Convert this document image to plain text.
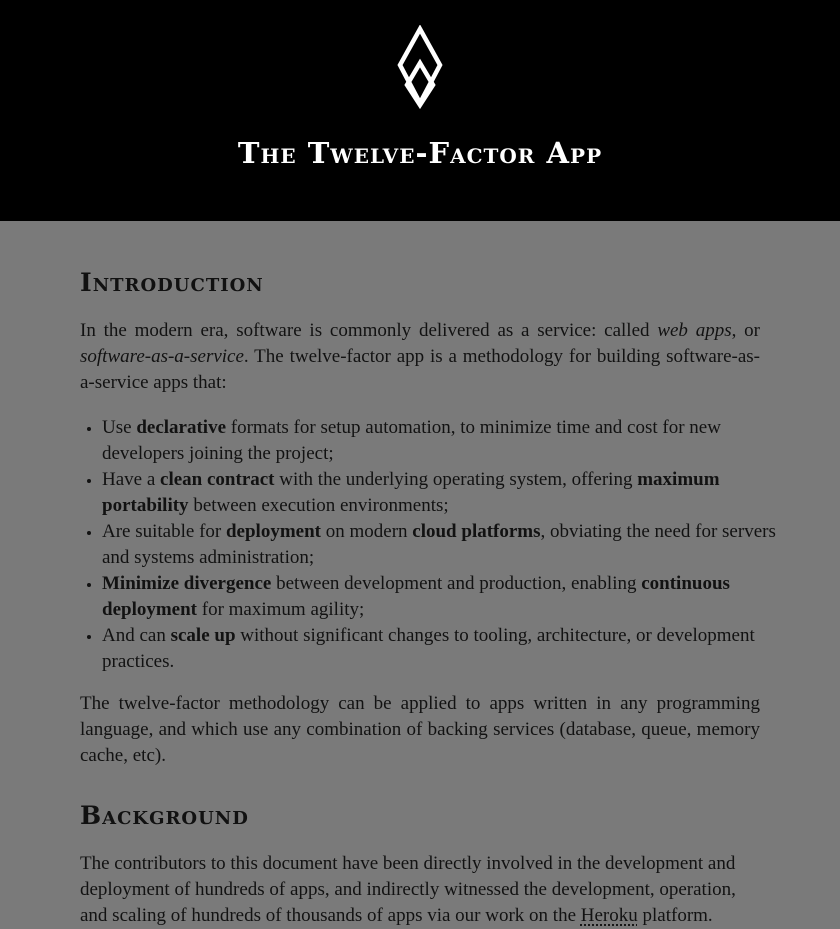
The Twelve-Factor App
Introduction

In the modern era, software is commonly delivered as a service: called web apps, or software-as-a-service. The twelve-factor app is a methodology for building software-as-a-service apps that:

• Use declarative formats for setup automation, to minimize time and cost for new developers joining the project;
• Have a clean contract with the underlying operating system, offering maximum portability between execution environments;
• Are suitable for deployment on modern cloud platforms, obviating the need for servers and systems administration;
• Minimize divergence between development and production, enabling continuous deployment for maximum agility;
• And can scale up without significant changes to tooling, architecture, or development practices.

The twelve-factor methodology can be applied to apps written in any programming language, and which use any combination of backing services (database, queue, memory cache, etc).

Background

The contributors to this document have been directly involved in the development and deployment of hundreds of apps, and indirectly witnessed the development, operation, and scaling of hundreds of thousands of apps via our work on the Heroku platform.
